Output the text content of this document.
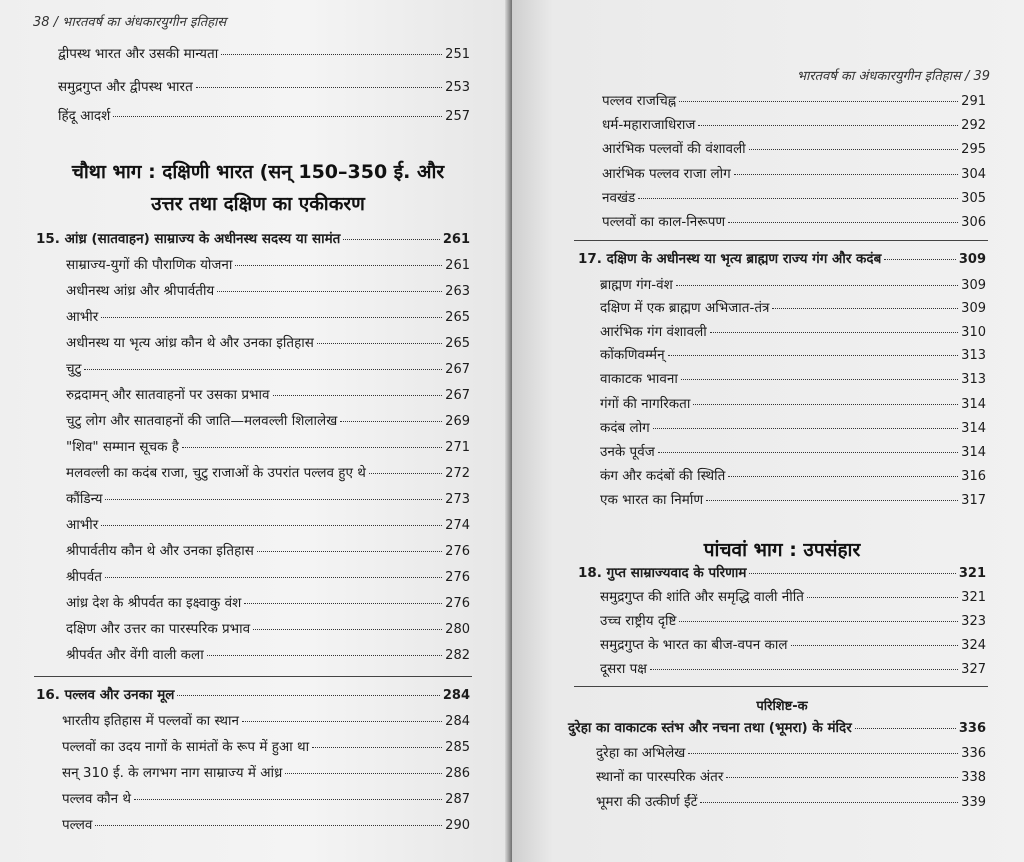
38 / भारतवर्ष का अंधकारयुगीन इतिहास
द्वीपस्थ भारत और उसकी मान्यता	251
समुद्रगुप्त और द्वीपस्थ भारत	253
हिंदू आदर्श	257
चौथा भाग : दक्षिणी भारत (सन् 150–350 ई. और
उत्तर तथा दक्षिण का एकीकरण
15. आंध्र (सातवाहन) साम्राज्य के अधीनस्थ सदस्य या सामंत	261
साम्राज्य-युगों की पौराणिक योजना	261
अधीनस्थ आंध्र और श्रीपार्वतीय	263
आभीर	265
अधीनस्थ या भृत्य आंध्र कौन थे और उनका इतिहास	265
चुटु	267
रुद्रदामन् और सातवाहनों पर उसका प्रभाव	267
चुटु लोग और सातवाहनों की जाति—मलवल्ली शिलालेख	269
"शिव" सम्मान सूचक है	271
मलवल्ली का कदंब राजा, चुटु राजाओं के उपरांत पल्लव हुए थे	272
कौंडिन्य	273
आभीर	274
श्रीपार्वतीय कौन थे और उनका इतिहास	276
श्रीपर्वत	276
आंध्र देश के श्रीपर्वत का इक्ष्वाकु वंश	276
दक्षिण और उत्तर का पारस्परिक प्रभाव	280
श्रीपर्वत और वेंगी वाली कला	282
16. पल्लव और उनका मूल	284
भारतीय इतिहास में पल्लवों का स्थान	284
पल्लवों का उदय नागों के सामंतों के रूप में हुआ था	285
सन् 310 ई. के लगभग नाग साम्राज्य में आंध्र	286
पल्लव कौन थे	287
पल्लव	290
भारतवर्ष का अंधकारयुगीन इतिहास / 39
पल्लव राजचिह्न	291
धर्म-महाराजाधिराज	292
आरंभिक पल्लवों की वंशावली	295
आरंभिक पल्लव राजा लोग	304
नवखंड	305
पल्लवों का काल-निरूपण	306
17. दक्षिण के अधीनस्थ या भृत्य ब्राह्मण राज्य गंग और कदंब	309
ब्राह्मण गंग-वंश	309
दक्षिण में एक ब्राह्मण अभिजात-तंत्र	309
आरंभिक गंग वंशावली	310
कोंकणिवर्म्मन्	313
वाकाटक भावना	313
गंगों की नागरिकता	314
कदंब लोग	314
उनके पूर्वज	314
कंग और कदंबों की स्थिति	316
एक भारत का निर्माण	317
पांचवां भाग : उपसंहार
18. गुप्त साम्राज्यवाद के परिणाम	321
समुद्रगुप्त की शांति और समृद्धि वाली नीति	321
उच्च राष्ट्रीय दृष्टि	323
समुद्रगुप्त के भारत का बीज-वपन काल	324
दूसरा पक्ष	327
परिशिष्ट-क
दुरेहा का वाकाटक स्तंभ और नचना तथा (भूमरा) के मंदिर	336
दुरेहा का अभिलेख	336
स्थानों का पारस्परिक अंतर	338
भूमरा की उत्कीर्ण ईंटें	339
